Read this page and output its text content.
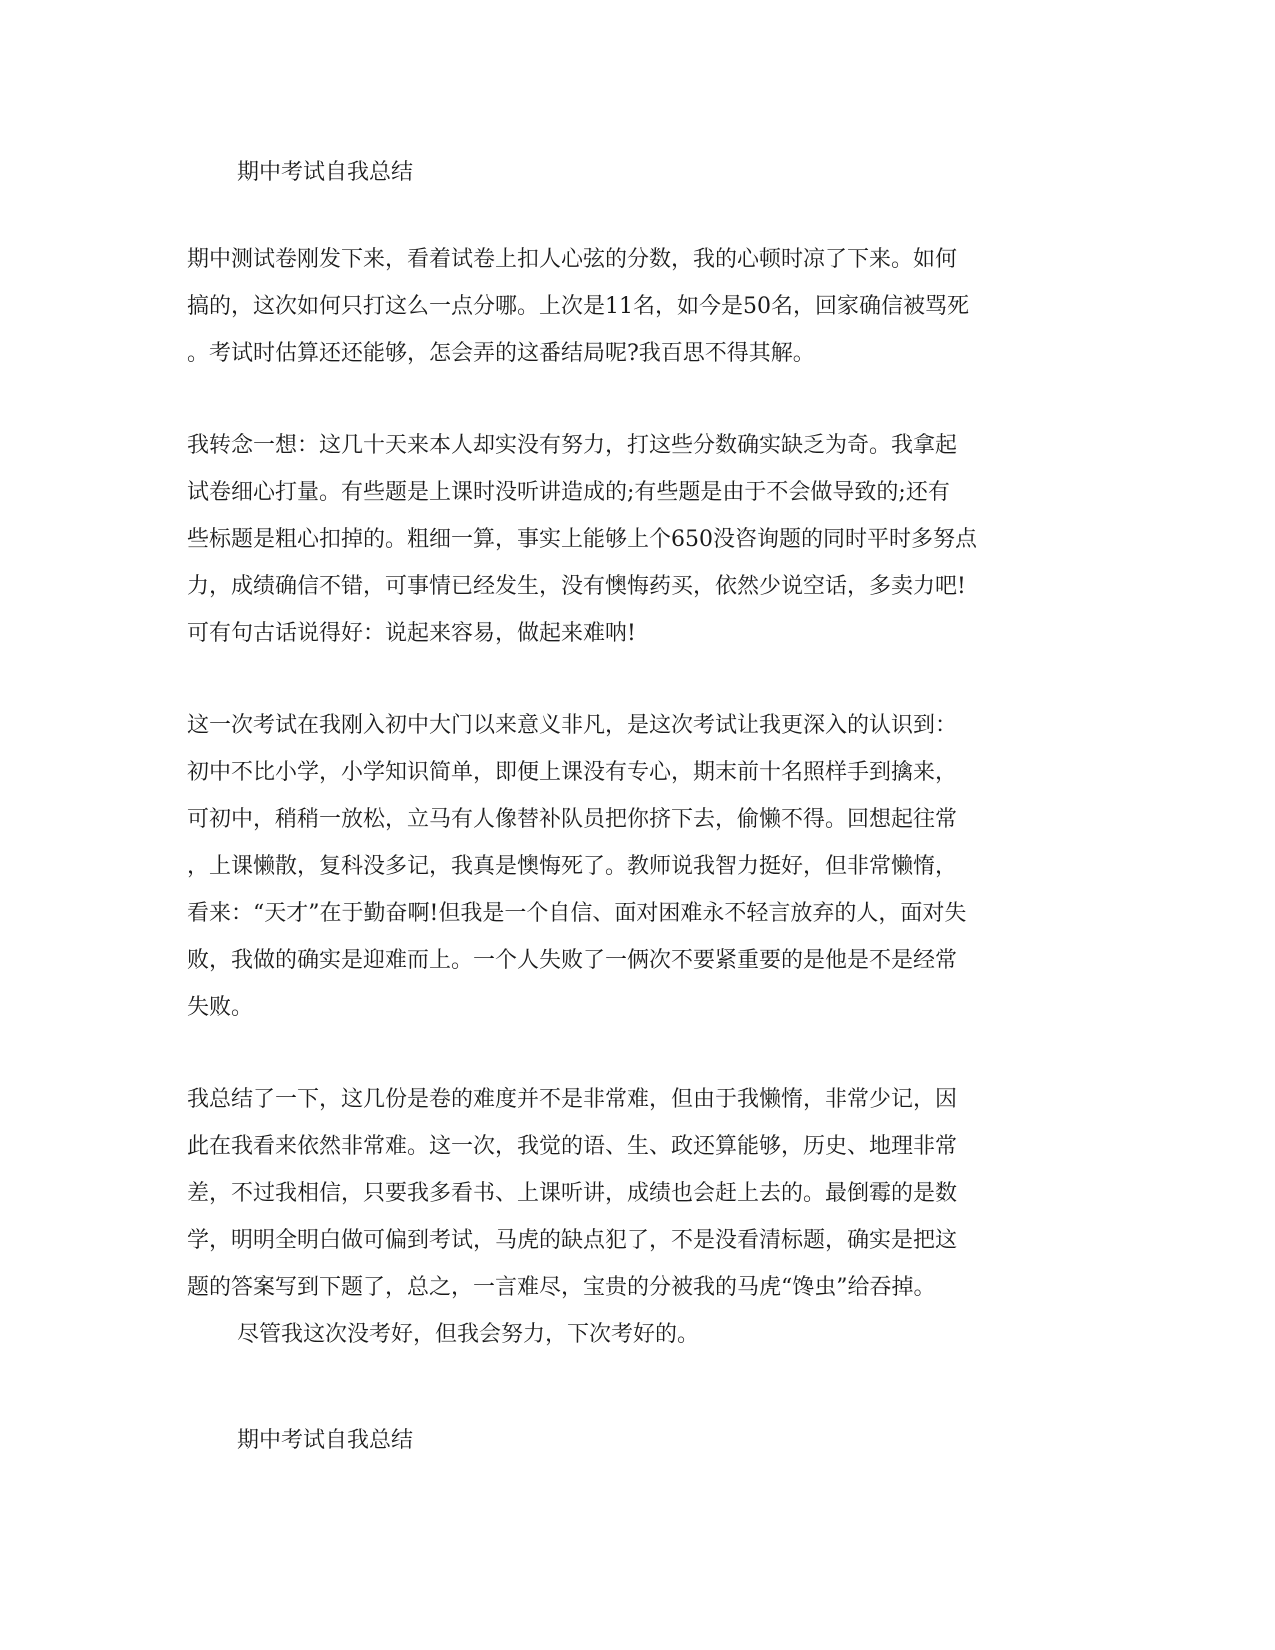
期中考试自我总结
期中测试卷刚发下来，看着试卷上扣人心弦的分数，我的心顿时凉了下来。如何
搞的，这次如何只打这么一点分哪。上次是11名，如今是50名，回家确信被骂死
。考试时估算还还能够，怎会弄的这番结局呢?我百思不得其解。
我转念一想：这几十天来本人却实没有努力，打这些分数确实缺乏为奇。我拿起
试卷细心打量。有些题是上课时没听讲造成的;有些题是由于不会做导致的;还有
些标题是粗心扣掉的。粗细一算，事实上能够上个650没咨询题的同时平时多努点
力，成绩确信不错，可事情已经发生，没有懊悔药买，依然少说空话，多卖力吧!
可有句古话说得好：说起来容易，做起来难呐!
这一次考试在我刚入初中大门以来意义非凡，是这次考试让我更深入的认识到：
初中不比小学，小学知识简单，即便上课没有专心，期末前十名照样手到擒来，
可初中，稍稍一放松，立马有人像替补队员把你挤下去，偷懒不得。回想起往常
，上课懒散，复科没多记，我真是懊悔死了。教师说我智力挺好，但非常懒惰，
看来：“天才”在于勤奋啊!但我是一个自信、面对困难永不轻言放弃的人，面对失
败，我做的确实是迎难而上。一个人失败了一俩次不要紧重要的是他是不是经常
失败。
我总结了一下，这几份是卷的难度并不是非常难，但由于我懒惰，非常少记，因
此在我看来依然非常难。这一次，我觉的语、生、政还算能够，历史、地理非常
差，不过我相信，只要我多看书、上课听讲，成绩也会赶上去的。最倒霉的是数
学，明明全明白做可偏到考试，马虎的缺点犯了，不是没看清标题，确实是把这
题的答案写到下题了，总之，一言难尽，宝贵的分被我的马虎“馋虫”给吞掉。
尽管我这次没考好，但我会努力，下次考好的。
期中考试自我总结
